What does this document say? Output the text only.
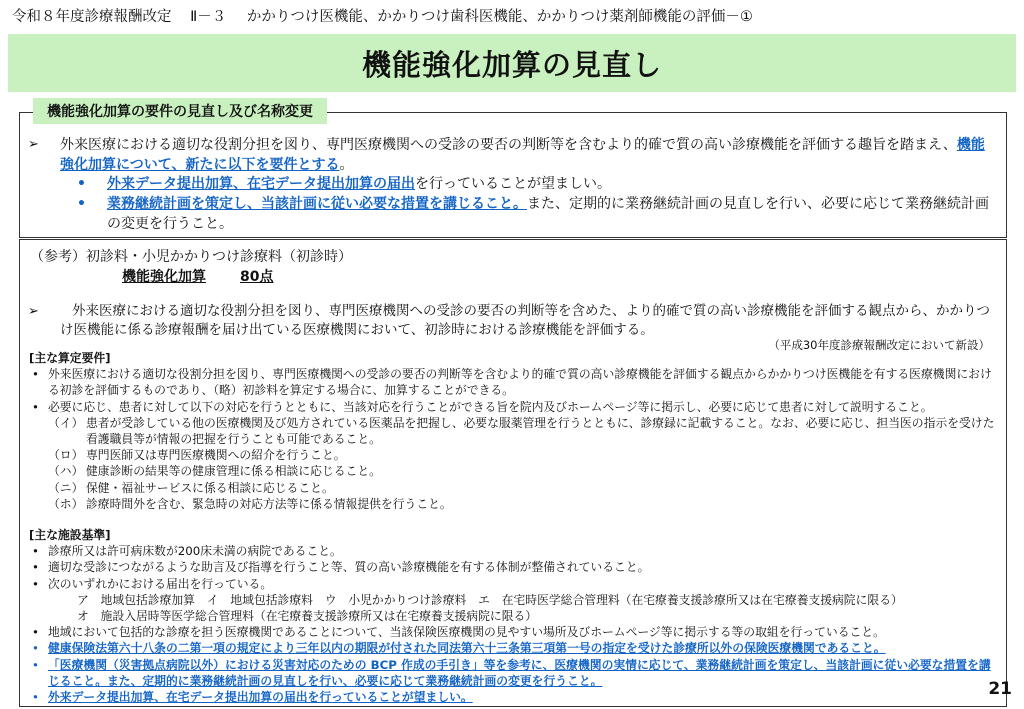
令和８年度診療報酬改定 Ⅱ－３ かかりつけ医機能、かかりつけ歯科医機能、かかりつけ薬剤師機能の評価－①
機能強化加算の見直し
機能強化加算の要件の見直し及び名称変更
➢	外来医療における適切な役割分担を図り、専門医療機関への受診の要否の判断等を含むより的確で質の高い診療機能を評価する趣旨を踏まえ、機能強化加算について、新たに以下を要件とする。
• 外来データ提出加算、在宅データ提出加算の届出を行っていることが望ましい。
• 業務継続計画を策定し、当該計画に従い必要な措置を講じること。また、定期的に業務継続計画の見直しを行い、必要に応じて業務継続計画の変更を行うこと。
（参考）初診料・小児かかりつけ診療料（初診時）
機能強化加算 80点
➢	外来医療における適切な役割分担を図り、専門医療機関への受診の要否の判断等を含めた、より的確で質の高い診療機能を評価する観点から、かかりつけ医機能に係る診療報酬を届け出ている医療機関において、初診時における診療機能を評価する。
（平成30年度診療報酬改定において新設）
[主な算定要件]
• 外来医療における適切な役割分担を図り、専門医療機関への受診の要否の判断等を含むより的確で質の高い診療機能を評価する観点からかかりつけ医機能を有する医療機関における初診を評価するものであり、（略）初診料を算定する場合に、加算することができる。
• 必要に応じ、患者に対して以下の対応を行うとともに、当該対応を行うことができる旨を院内及びホームページ等に掲示し、必要に応じて患者に対して説明すること。
（イ） 患者が受診している他の医療機関及び処方されている医薬品を把握し、必要な服薬管理を行うとともに、診療録に記載すること。なお、必要に応じ、担当医の指示を受けた看護職員等が情報の把握を行うことも可能であること。
（ロ） 専門医師又は専門医療機関への紹介を行うこと。
（ハ） 健康診断の結果等の健康管理に係る相談に応じること。
（ニ） 保健・福祉サービスに係る相談に応じること。
（ホ） 診療時間外を含む、緊急時の対応方法等に係る情報提供を行うこと。
[主な施設基準]
• 診療所又は許可病床数が200床未満の病院であること。
• 適切な受診につながるような助言及び指導を行うこと等、質の高い診療機能を有する体制が整備されていること。
• 次のいずれかにおける届出を行っている。
ア　地域包括診療加算　イ　地域包括診療料　ウ　小児かかりつけ診療料　エ　在宅時医学総合管理料（在宅療養支援診療所又は在宅療養支援病院に限る）
オ　施設入居時等医学総合管理料（在宅療養支援診療所又は在宅療養支援病院に限る）
• 地域において包括的な診療を担う医療機関であることについて、当該保険医療機関の見やすい場所及びホームページ等に掲示する等の取組を行っていること。
• 健康保険法第六十八条の二第一項の規定により三年以内の期限が付された同法第六十三条第三項第一号の指定を受けた診療所以外の保険医療機関であること。
• 「医療機関（災害拠点病院以外）における災害対応のための BCP 作成の手引き」等を参考に、医療機関の実情に応じて、業務継続計画を策定し、当該計画に従い必要な措置を講じること。また、定期的に業務継続計画の見直しを行い、必要に応じて業務継続計画の変更を行うこと。
• 外来データ提出加算、在宅データ提出加算の届出を行っていることが望ましい。	21
